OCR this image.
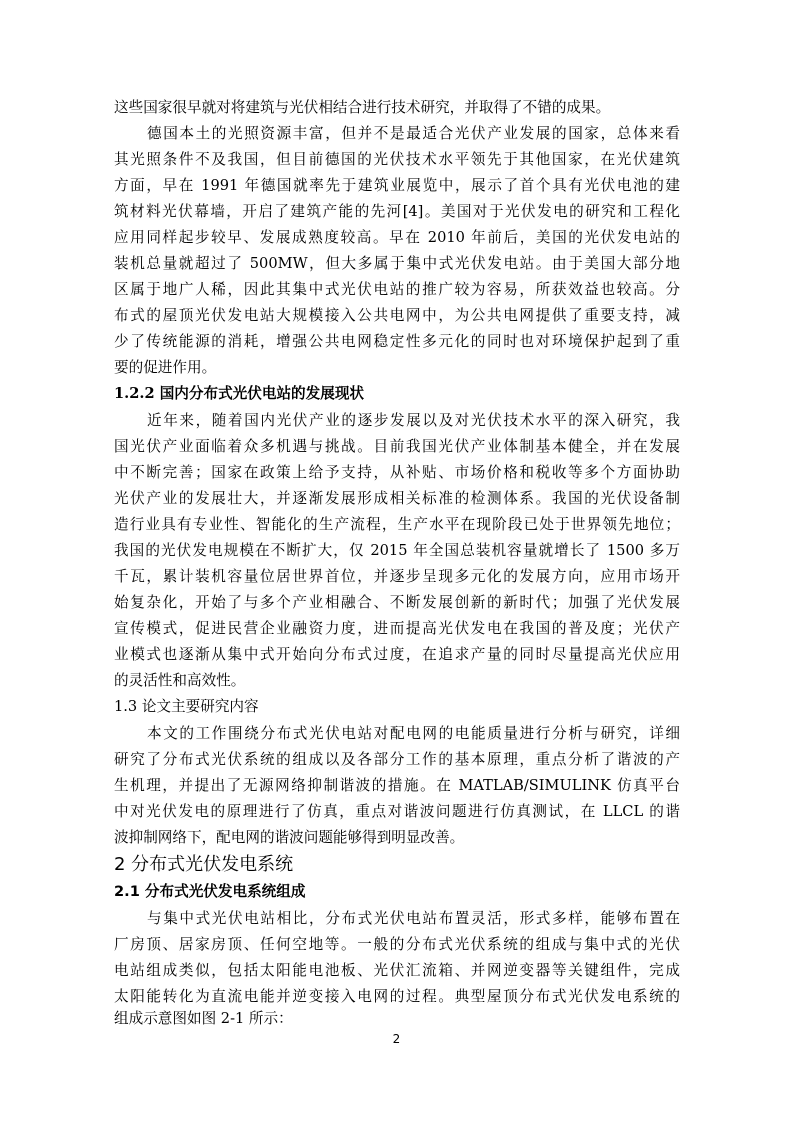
这些国家很早就对将建筑与光伏相结合进行技术研究，并取得了不错的成果。
德国本土的光照资源丰富，但并不是最适合光伏产业发展的国家，总体来看
其光照条件不及我国，但目前德国的光伏技术水平领先于其他国家，在光伏建筑
方面，早在 1991 年德国就率先于建筑业展览中，展示了首个具有光伏电池的建
筑材料光伏幕墙，开启了建筑产能的先河[4]。美国对于光伏发电的研究和工程化
应用同样起步较早、发展成熟度较高。早在 2010 年前后，美国的光伏发电站的
装机总量就超过了 500MW，但大多属于集中式光伏发电站。由于美国大部分地
区属于地广人稀，因此其集中式光伏电站的推广较为容易，所获效益也较高。分
布式的屋顶光伏发电站大规模接入公共电网中，为公共电网提供了重要支持，减
少了传统能源的消耗，增强公共电网稳定性多元化的同时也对环境保护起到了重
要的促进作用。
1.2.2 国内分布式光伏电站的发展现状
近年来，随着国内光伏产业的逐步发展以及对光伏技术水平的深入研究，我
国光伏产业面临着众多机遇与挑战。目前我国光伏产业体制基本健全，并在发展
中不断完善；国家在政策上给予支持，从补贴、市场价格和税收等多个方面协助
光伏产业的发展壮大，并逐渐发展形成相关标准的检测体系。我国的光伏设备制
造行业具有专业性、智能化的生产流程，生产水平在现阶段已处于世界领先地位；
我国的光伏发电规模在不断扩大，仅 2015 年全国总装机容量就增长了 1500 多万
千瓦，累计装机容量位居世界首位，并逐步呈现多元化的发展方向，应用市场开
始复杂化，开始了与多个产业相融合、不断发展创新的新时代；加强了光伏发展
宣传模式，促进民营企业融资力度，进而提高光伏发电在我国的普及度；光伏产
业模式也逐渐从集中式开始向分布式过度，在追求产量的同时尽量提高光伏应用
的灵活性和高效性。
1.3 论文主要研究内容
本文的工作围绕分布式光伏电站对配电网的电能质量进行分析与研究，详细
研究了分布式光伏系统的组成以及各部分工作的基本原理，重点分析了谐波的产
生机理，并提出了无源网络抑制谐波的措施。在 MATLAB/SIMULINK 仿真平台
中对光伏发电的原理进行了仿真，重点对谐波问题进行仿真测试，在 LLCL 的谐
波抑制网络下，配电网的谐波问题能够得到明显改善。
2 分布式光伏发电系统
2.1 分布式光伏发电系统组成
与集中式光伏电站相比，分布式光伏电站布置灵活，形式多样，能够布置在
厂房顶、居家房顶、任何空地等。一般的分布式光伏系统的组成与集中式的光伏
电站组成类似，包括太阳能电池板、光伏汇流箱、并网逆变器等关键组件，完成
太阳能转化为直流电能并逆变接入电网的过程。典型屋顶分布式光伏发电系统的
组成示意图如图 2-1 所示：
2
